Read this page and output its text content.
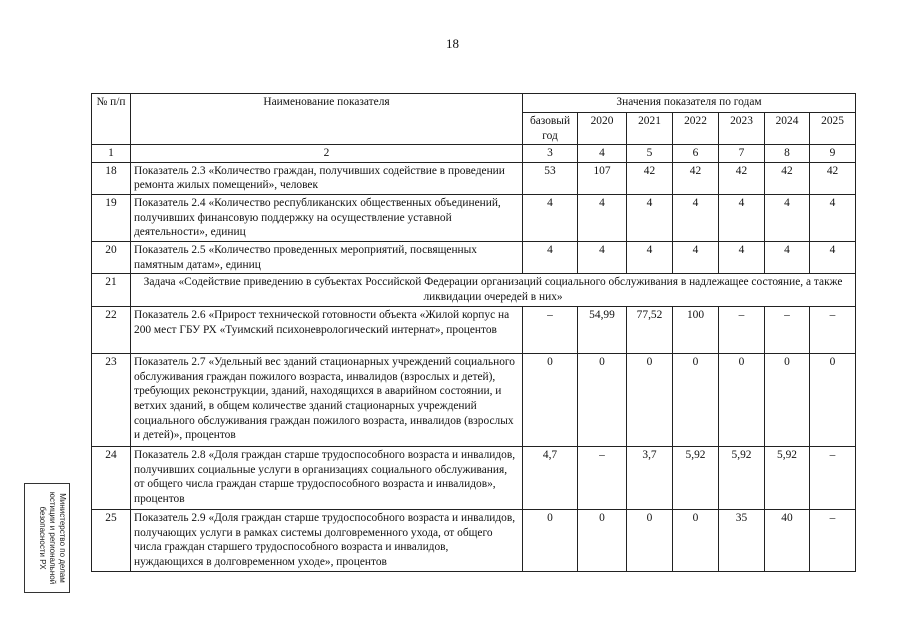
18
№ п/п	Наименование показателя	Значения показателя по годам						
		базовый год	2020	2021	2022	2023	2024	2025
1	2	3	4	5	6	7	8	9
18	Показатель 2.3 «Количество граждан, получивших содействие в проведении ремонта жилых помещений», человек	53	107	42	42	42	42	42
19	Показатель 2.4 «Количество республиканских общественных объединений, получивших финансовую поддержку на осуществление уставной деятельности», единиц	4	4	4	4	4	4	4
20	Показатель 2.5 «Количество проведенных мероприятий, посвященных памятным датам», единиц	4	4	4	4	4	4	4
21	Задача «Содействие приведению в субъектах Российской Федерации организаций социального обслуживания в надлежащее состояние, а также ликвидации очередей в них»							
22	Показатель 2.6 «Прирост технической готовности объекта «Жилой корпус на 200 мест ГБУ РХ «Туимский психоневрологический интернат», процентов	–	54,99	77,52	100	–	–	–
23	Показатель 2.7 «Удельный вес зданий стационарных учреждений социального обслуживания граждан пожилого возраста, инвалидов (взрослых и детей), требующих реконструкции, зданий, находящихся в аварийном состоянии, и ветхих зданий, в общем количестве зданий стационарных учреждений социального обслуживания граждан пожилого возраста, инвалидов (взрослых и детей)», процентов	0	0	0	0	0	0	0
24	Показатель 2.8 «Доля граждан старше трудоспособного возраста и инвалидов, получивших социальные услуги в организациях социального обслуживания, от общего числа граждан старше трудоспособного возраста и инвалидов», процентов	4,7	–	3,7	5,92	5,92	5,92	–
25	Показатель 2.9 «Доля граждан старше трудоспособного возраста и инвалидов, получающих услуги в рамках системы долговременного ухода, от общего числа граждан старшего трудоспособного возраста и инвалидов, нуждающихся в долговременном уходе», процентов	0	0	0	0	35	40	–
Министерство по делам
юстиции и региональной
безопасности РХ
